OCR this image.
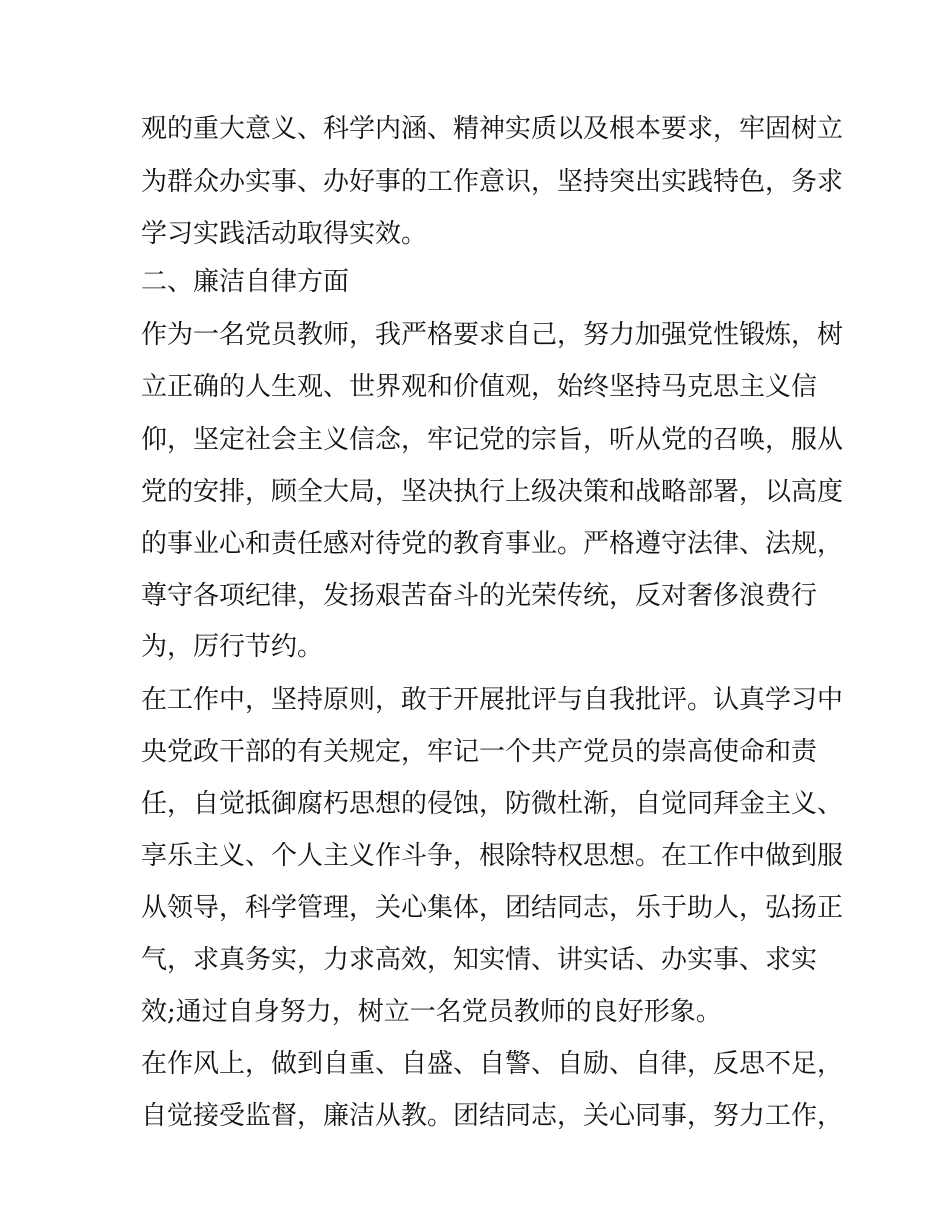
观的重大意义、科学内涵、精神实质以及根本要求，牢固树立

为群众办实事、办好事的工作意识，坚持突出实践特色，务求

学习实践活动取得实效。

二、廉洁自律方面

作为一名党员教师，我严格要求自己，努力加强党性锻炼，树

立正确的人生观、世界观和价值观，始终坚持马克思主义信

仰，坚定社会主义信念，牢记党的宗旨，听从党的召唤，服从

党的安排，顾全大局，坚决执行上级决策和战略部署，以高度

的事业心和责任感对待党的教育事业。严格遵守法律、法规，

尊守各项纪律，发扬艰苦奋斗的光荣传统，反对奢侈浪费行

为，厉行节约。

在工作中，坚持原则，敢于开展批评与自我批评。认真学习中

央党政干部的有关规定，牢记一个共产党员的崇高使命和责

任，自觉抵御腐朽思想的侵蚀，防微杜渐，自觉同拜金主义、

享乐主义、个人主义作斗争，根除特权思想。在工作中做到服

从领导，科学管理，关心集体，团结同志，乐于助人，弘扬正

气，求真务实，力求高效，知实情、讲实话、办实事、求实

效;通过自身努力，树立一名党员教师的良好形象。

在作风上，做到自重、自盛、自警、自励、自律，反思不足，

自觉接受监督，廉洁从教。团结同志，关心同事，努力工作，
